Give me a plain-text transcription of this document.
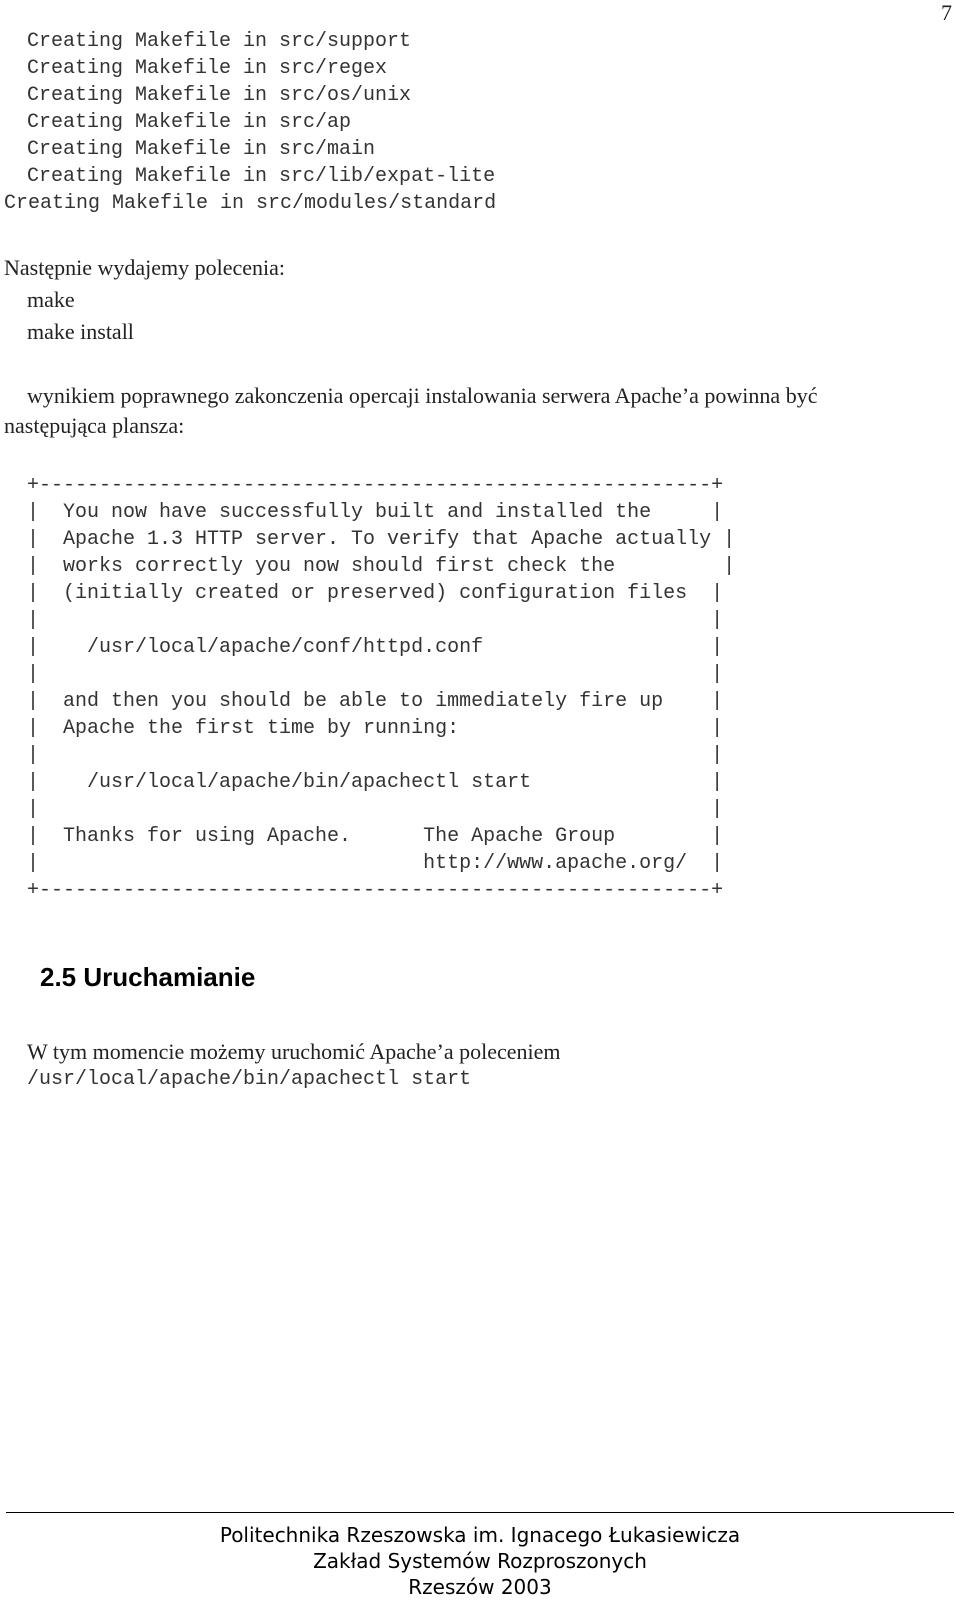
7
Creating Makefile in src/support
Creating Makefile in src/regex
Creating Makefile in src/os/unix
Creating Makefile in src/ap
Creating Makefile in src/main
Creating Makefile in src/lib/expat-lite
Creating Makefile in src/modules/standard
Następnie wydajemy polecenia:
make
make install
wynikiem poprawnego zakonczenia opercaji instalowania serwera Apache’a powinna być
następująca plansza:
+--------------------------------------------------------+
|  You now have successfully built and installed the     |
|  Apache 1.3 HTTP server. To verify that Apache actually |
|  works correctly you now should first check the         |
|  (initially created or preserved) configuration files  |
|                                                        |
|    /usr/local/apache/conf/httpd.conf                   |
|                                                        |
|  and then you should be able to immediately fire up    |
|  Apache the first time by running:                     |
|                                                        |
|    /usr/local/apache/bin/apachectl start               |
|                                                        |
|  Thanks for using Apache.      The Apache Group        |
|                                http://www.apache.org/  |
+--------------------------------------------------------+
2.5 Uruchamianie
W tym momencie możemy uruchomić Apache’a poleceniem
/usr/local/apache/bin/apachectl start
Politechnika Rzeszowska im. Ignacego Łukasiewicza
Zakład Systemów Rozproszonych
Rzeszów 2003
